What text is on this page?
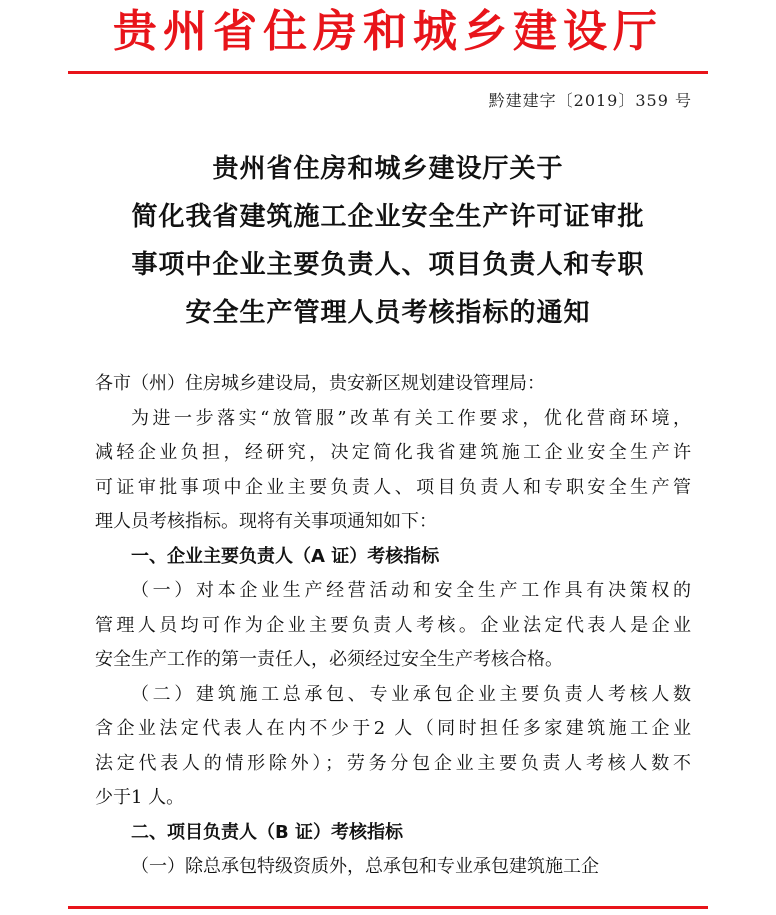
贵州省住房和城乡建设厅
黔建建字〔2019〕359 号
贵州省住房和城乡建设厅关于
简化我省建筑施工企业安全生产许可证审批
事项中企业主要负责人、项目负责人和专职
安全生产管理人员考核指标的通知
各市（州）住房城乡建设局，贵安新区规划建设管理局：
为进一步落实“放管服”改革有关工作要求，优化营商环境，
减轻企业负担，经研究，决定简化我省建筑施工企业安全生产许
可证审批事项中企业主要负责人、项目负责人和专职安全生产管
理人员考核指标。现将有关事项通知如下：
一、企业主要负责人（A 证）考核指标
（一）对本企业生产经营活动和安全生产工作具有决策权的
管理人员均可作为企业主要负责人考核。企业法定代表人是企业
安全生产工作的第一责任人，必须经过安全生产考核合格。
（二）建筑施工总承包、专业承包企业主要负责人考核人数
含企业法定代表人在内不少于2 人（同时担任多家建筑施工企业
法定代表人的情形除外）；劳务分包企业主要负责人考核人数不
少于1 人。
二、项目负责人（B 证）考核指标
（一）除总承包特级资质外，总承包和专业承包建筑施工企
